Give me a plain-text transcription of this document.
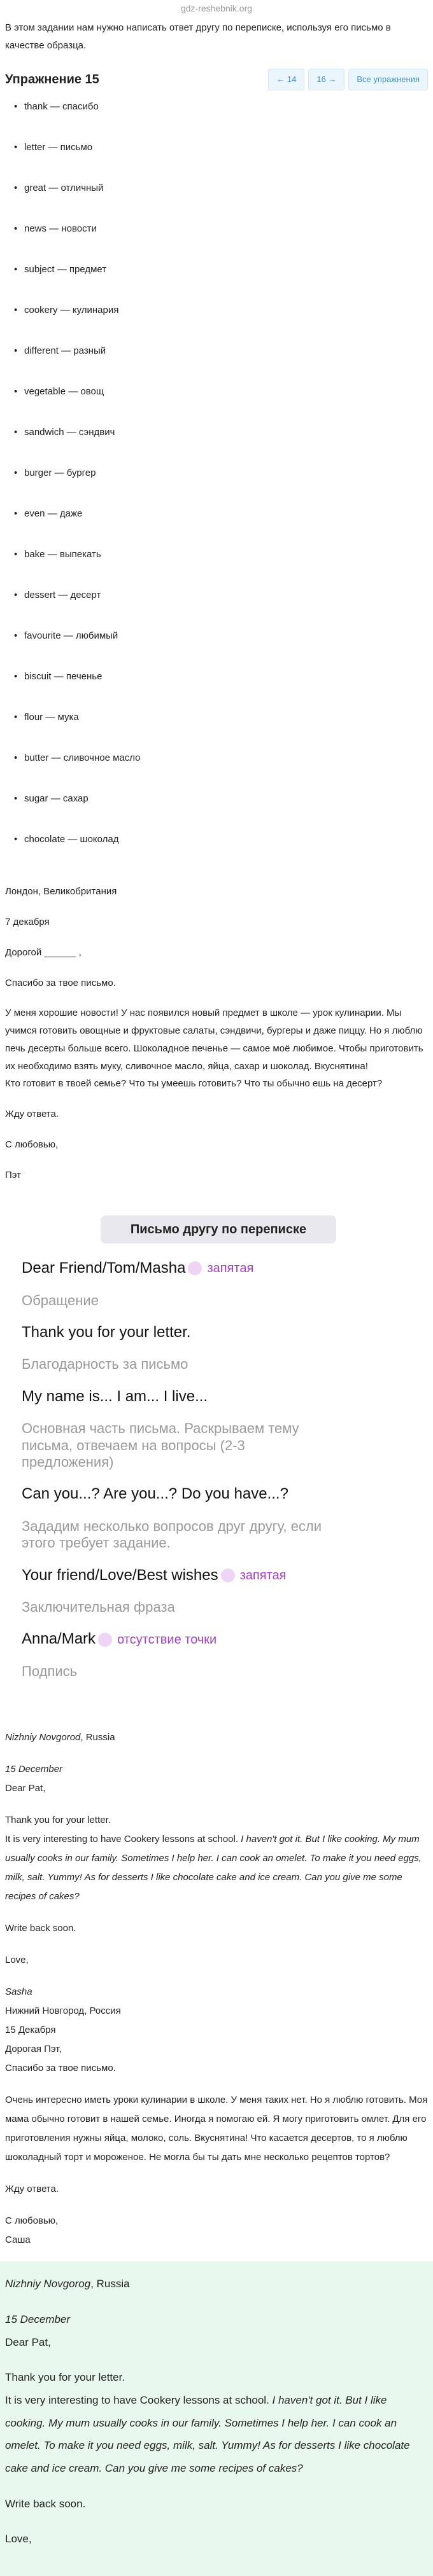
gdz-reshebnik.org

В этом задании нам нужно написать ответ другу по переписке, используя его письмо в качестве образца.

Упражнение 15	← 14	16 →	Все упражнения
• thank — спасибо
• letter — письмо
• great — отличный
• news — новости
• subject — предмет
• cookery — кулинария
• different — разный
• vegetable — овощ
• sandwich — сэндвич
• burger — бургер
• even — даже
• bake — выпекать
• dessert — десерт
• favourite — любимый
• biscuit — печенье
• flour — мука
• butter — сливочное масло
• sugar — сахар
• chocolate — шоколад

Лондон, Великобритания

7 декабря

Дорогой ______ ,

Спасибо за твое письмо.

У меня хорошие новости! У нас появился новый предмет в школе — урок кулинарии. Мы учимся готовить овощные и фруктовые салаты, сэндвичи, бургеры и даже пиццу. Но я люблю печь десерты больше всего. Шоколадное печенье — самое моё любимое. Чтобы приготовить их необходимо взять муку, сливочное масло, яйца, сахар и шоколад. Вкуснятина!

Кто готовит в твоей семье? Что ты умеешь готовить? Что ты обычно ешь на десерт?

Жду ответа.

С любовью,

Пэт

Письмо другу по переписке
Dear Friend/Tom/Masha запятая
Обращение
Thank you for your letter.
Благодарность за письмо
My name is... I am... I live...
Основная часть письма. Раскрываем тему письма, отвечаем на вопросы (2-3 предложения)
Can you...? Are you...? Do you have...?
Зададим несколько вопросов друг другу, если этого требует задание.
Your friend/Love/Best wishes запятая
Заключительная фраза
Anna/Mark отсутствие точки
Подпись

Nizhniy Novgorod, Russia

15 December

Dear Pat,

Thank you for your letter.

It is very interesting to have Cookery lessons at school. I haven't got it. But I like cooking. My mum usually cooks in our family. Sometimes I help her. I can cook an omelet. To make it you need eggs, milk, salt. Yummy! As for desserts I like chocolate cake and ice cream. Can you give me some recipes of cakes?

Write back soon.

Love,

Sasha

Нижний Новгород, Россия

15 Декабря

Дорогая Пэт,

Спасибо за твое письмо.

Очень интересно иметь уроки кулинарии в школе. У меня таких нет. Но я люблю готовить. Моя мама обычно готовит в нашей семье. Иногда я помогаю ей. Я могу приготовить омлет. Для его приготовления нужны яйца, молоко, соль. Вкуснятина! Что касается десертов, то я люблю шоколадный торт и мороженое. Не могла бы ты дать мне несколько рецептов тортов?

Жду ответа.

С любовью,

Саша

Nizhniy Novgorog, Russia

15 December

Dear Pat,

Thank you for your letter.

It is very interesting to have Cookery lessons at school. I haven't got it. But I like cooking. My mum usually cooks in our family. Sometimes I help her. I can cook an omelet. To make it you need eggs, milk, salt. Yummy! As for desserts I like chocolate cake and ice cream. Can you give me some recipes of cakes?

Write back soon.

Love,
